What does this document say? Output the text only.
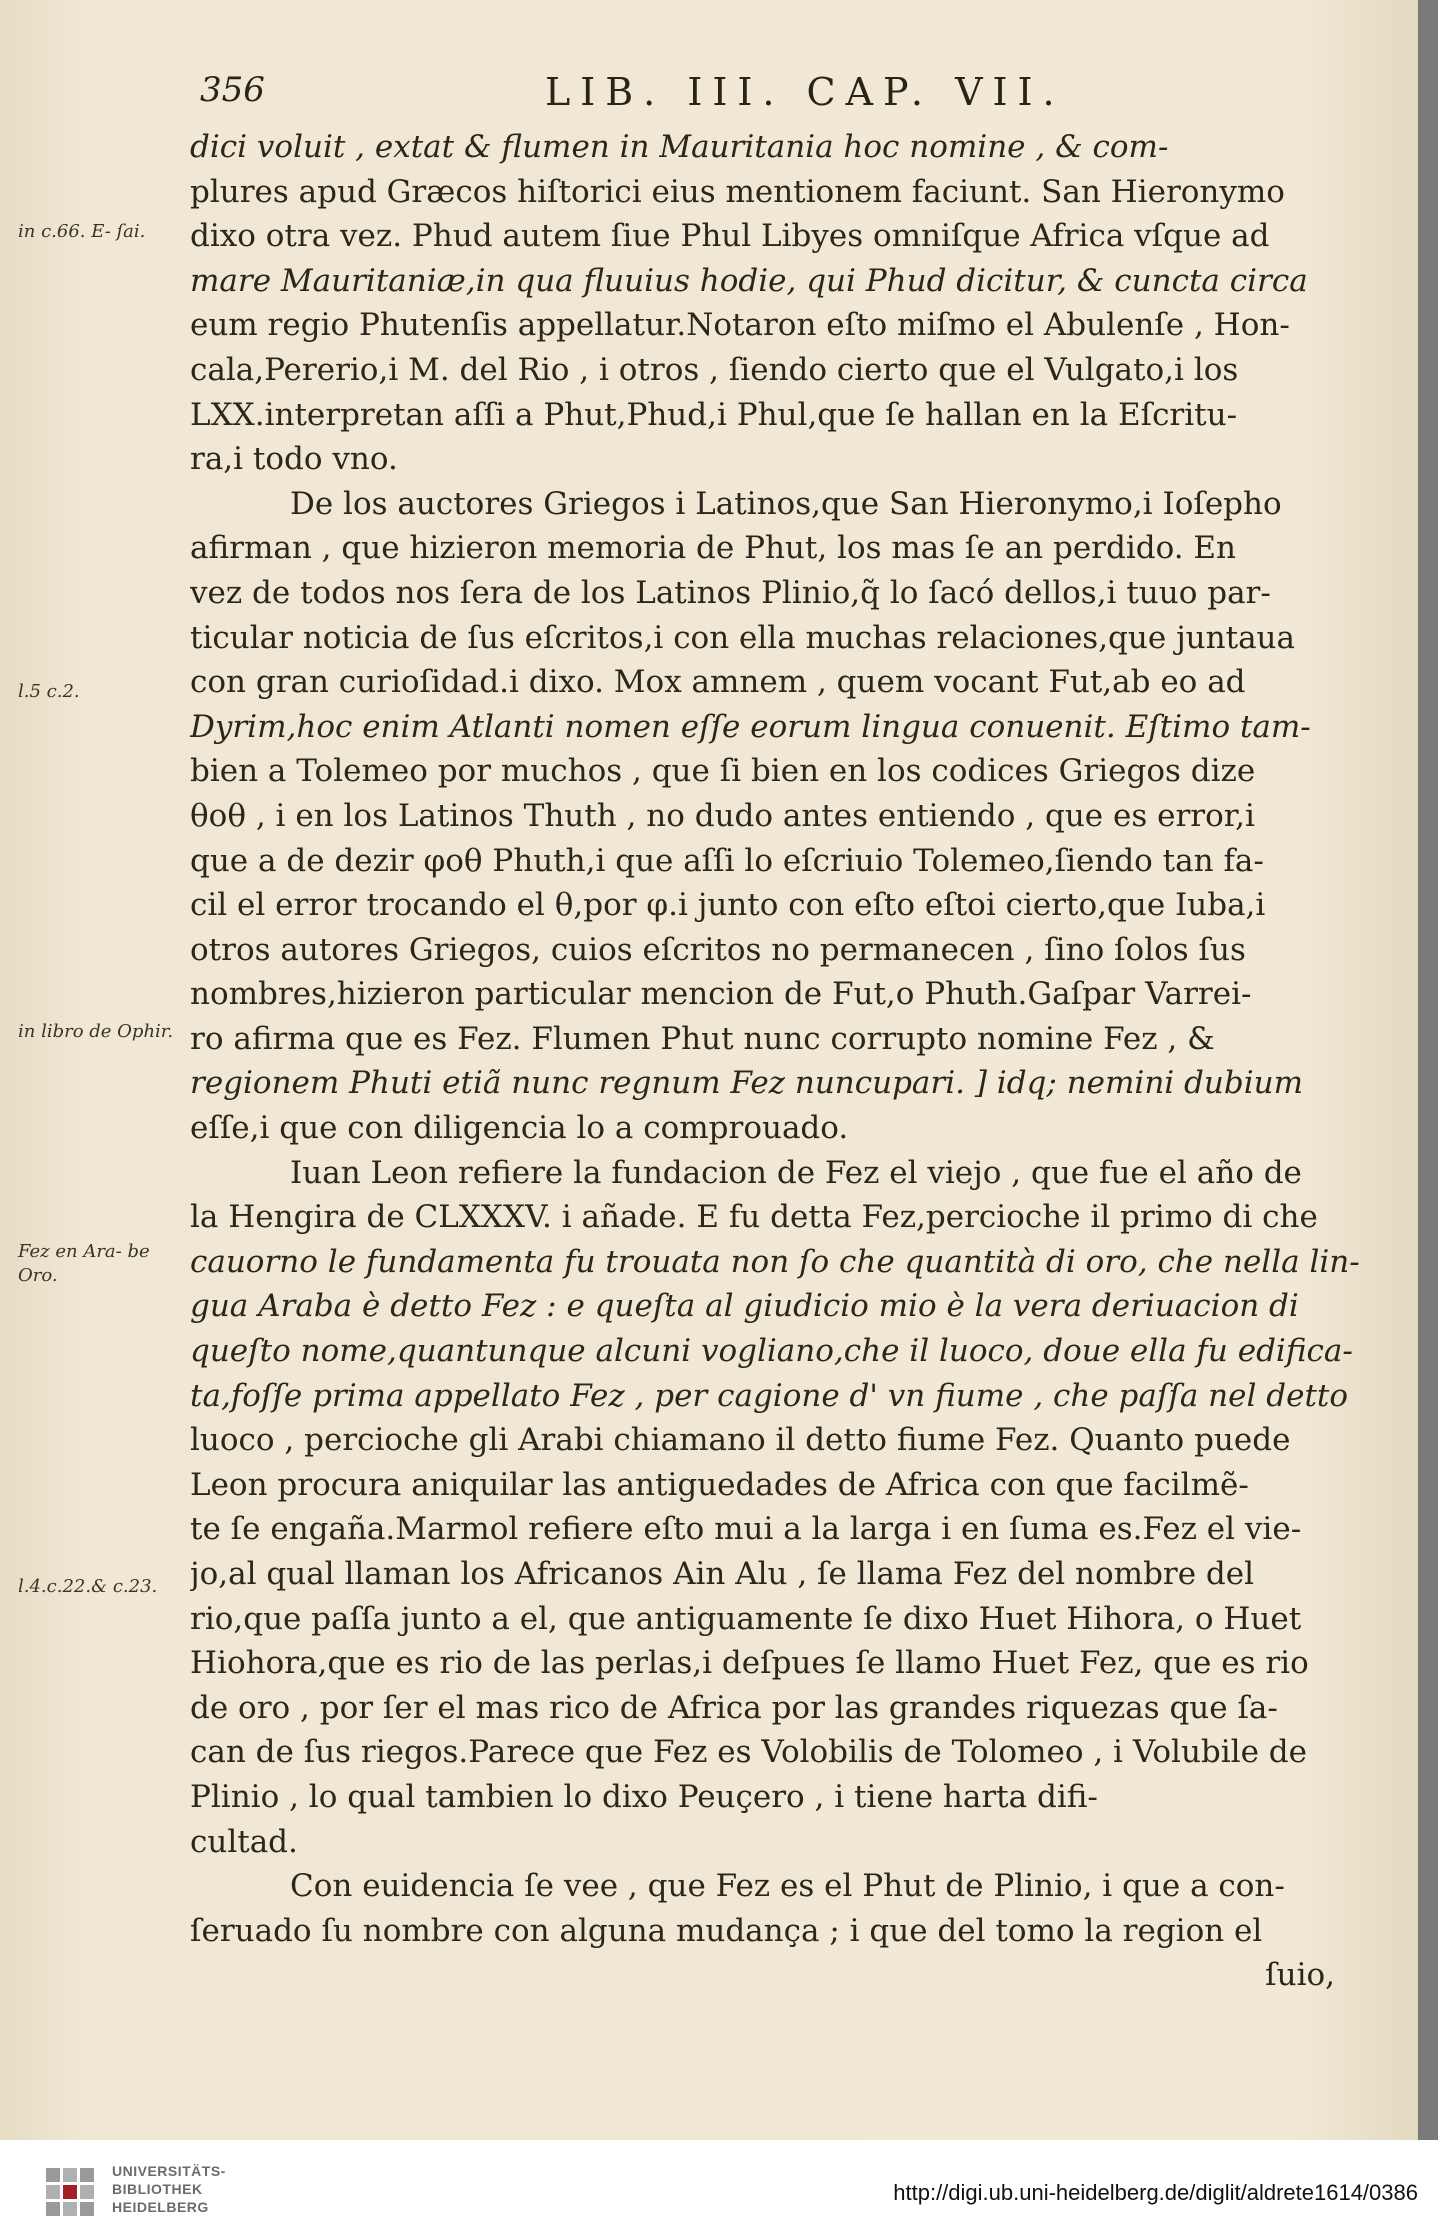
356	LIB. III. CAP. VII.
in c.66. E- ſai.
l.5 c.2.
in libro de Ophir.
Fez en Ara- be Oro.
l.4.c.22.& c.23.
dici voluit , extat & flumen in Mauritania hoc nomine , & com-
plures apud Græcos hiſtorici eius mentionem faciunt. San Hieronymo
dixo otra vez. Phud autem ſiue Phul Libyes omniſque Africa vſque ad
mare Mauritaniæ,in qua fluuius hodie, qui Phud dicitur, & cuncta circa
eum regio Phutenſis appellatur.Notaron eſto miſmo el Abulenſe , Hon-
cala,Pererio,i M. del Rio , i otros , ſiendo cierto que el Vulgato,i los
LXX.interpretan aſſi a Phut,Phud,i Phul,que ſe hallan en la Eſcritu-
ra,i todo vno.
De los auctores Griegos i Latinos,que San Hieronymo,i Ioſepho
afirman , que hizieron memoria de Phut, los mas ſe an perdido. En
vez de todos nos ſera de los Latinos Plinio,q̃ lo ſacó dellos,i tuuo par-
ticular noticia de ſus eſcritos,i con ella muchas relaciones,que juntaua
con gran curioſidad.i dixo. Mox amnem , quem vocant Fut,ab eo ad
Dyrim,hoc enim Atlanti nomen eſſe eorum lingua conuenit. Eſtimo tam-
bien a Tolemeo por muchos , que ſi bien en los codices Griegos dize
θοθ , i en los Latinos Thuth , no dudo antes entiendo , que es error,i
que a de dezir φοθ Phuth,i que aſſi lo eſcriuio Tolemeo,ſiendo tan fa-
cil el error trocando el θ,por φ.i junto con eſto eſtoi cierto,que Iuba,i
otros autores Griegos, cuios eſcritos no permanecen , ſino ſolos ſus
nombres,hizieron particular mencion de Fut,o Phuth.Gaſpar Varrei-
ro afirma que es Fez. Flumen Phut nunc corrupto nomine Fez , &
regionem Phuti etiã nunc regnum Fez nuncupari. ] idq; nemini dubium
eſſe,i que con diligencia lo a comprouado.
Iuan Leon refiere la fundacion de Fez el viejo , que fue el año de
la Hengira de CLXXXV. i añade. E fu detta Fez,percioche il primo di che
cauorno le fundamenta fu trouata non ſo che quantità di oro, che nella lin-
gua Araba è detto Fez : e queſta al giudicio mio è la vera deriuacion di
queſto nome,quantunque alcuni vogliano,che il luoco, doue ella fu edifica-
ta,foſſe prima appellato Fez , per cagione d' vn fiume , che paſſa nel detto
luoco , percioche gli Arabi chiamano il detto fiume Fez. Quanto puede
Leon procura aniquilar las antiguedades de Africa con que facilmẽ-
te ſe engaña.Marmol refiere eſto mui a la larga i en ſuma es.Fez el vie-
jo,al qual llaman los Africanos Ain Alu , ſe llama Fez del nombre del
rio,que paſſa junto a el, que antiguamente ſe dixo Huet Hihora, o Huet
Hiohora,que es rio de las perlas,i deſpues ſe llamo Huet Fez, que es rio
de oro , por ſer el mas rico de Africa por las grandes riquezas que ſa-
can de ſus riegos.Parece que Fez es Volobilis de Tolomeo , i Volubile de
Plinio , lo qual tambien lo dixo Peuçero , i tiene harta difi-
cultad.
Con euidencia ſe vee , que Fez es el Phut de Plinio, i que a con-
ſeruado ſu nombre con alguna mudança ; i que del tomo la region el
ſuio,
UNIVERSITÄTS-
BIBLIOTHEK
HEIDELBERG
http://digi.ub.uni-heidelberg.de/diglit/aldrete1614/0386
